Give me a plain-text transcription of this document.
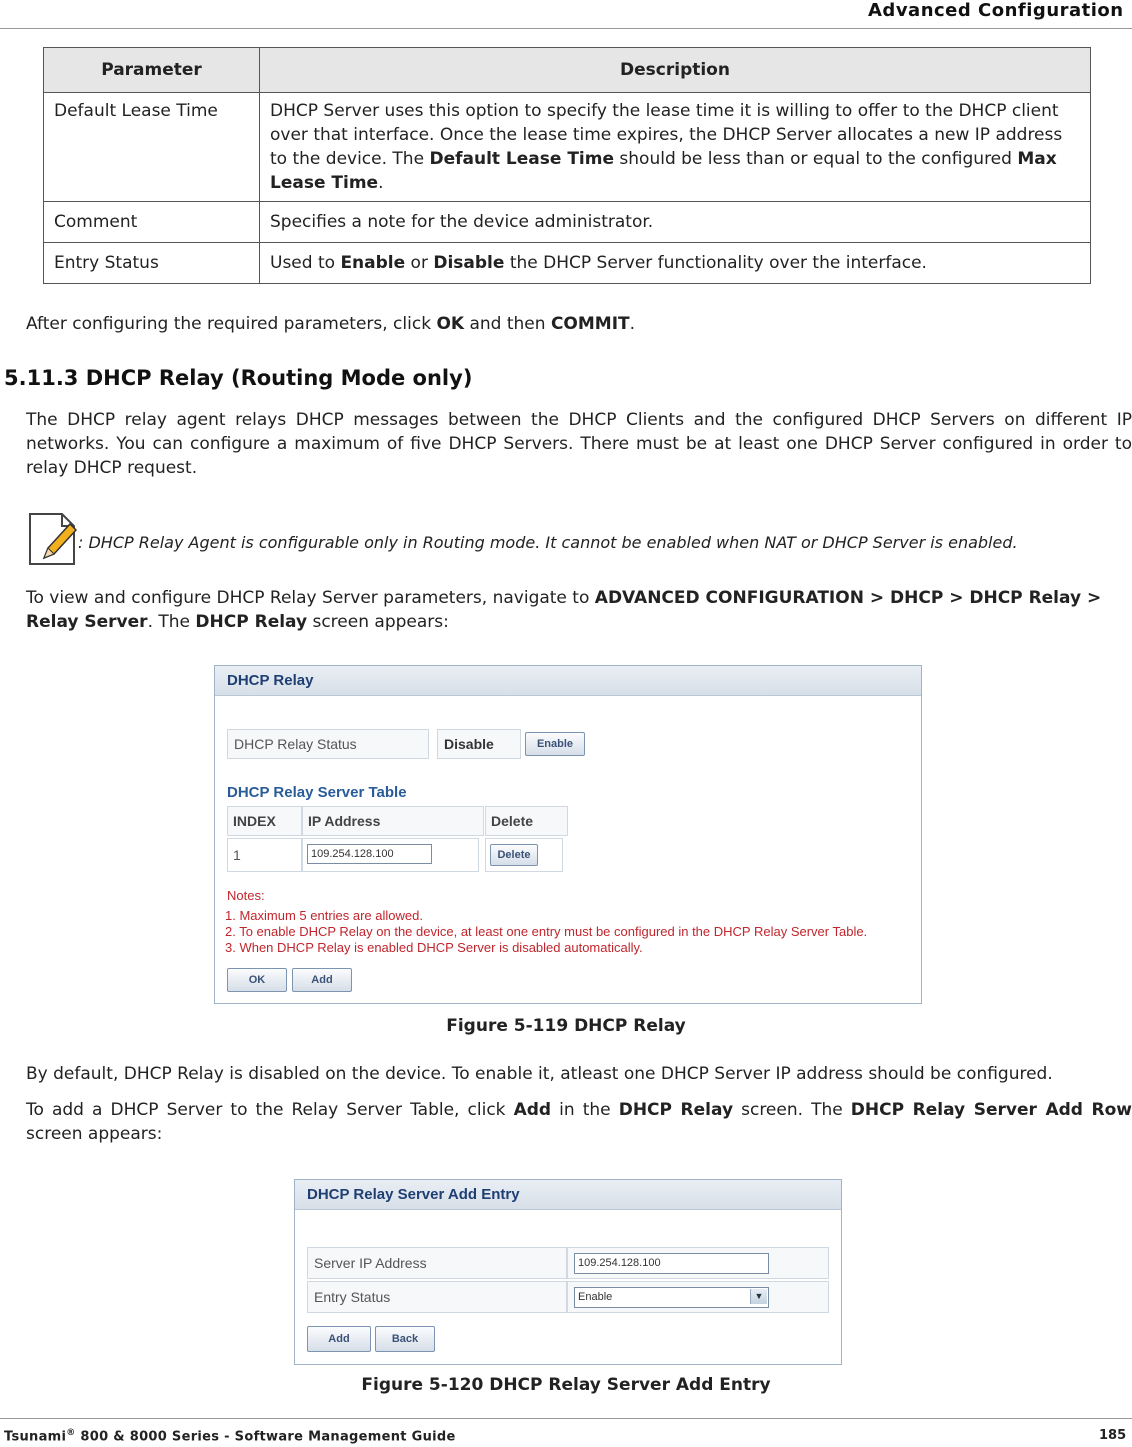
Advanced Configuration
Parameter	Description
Default Lease Time	DHCP Server uses this option to specify the lease time it is willing to offer to the DHCP client over that interface. Once the lease time expires, the DHCP Server allocates a new IP address to the device. The Default Lease Time should be less than or equal to the configured Max Lease Time.
Comment	Specifies a note for the device administrator.
Entry Status	Used to Enable or Disable the DHCP Server functionality over the interface.

After configuring the required parameters, click OK and then COMMIT.

5.11.3 DHCP Relay (Routing Mode only)

The DHCP relay agent relays DHCP messages between the DHCP Clients and the configured DHCP Servers on different IP networks. You can configure a maximum of five DHCP Servers. There must be at least one DHCP Server configured in order to relay DHCP request.

: DHCP Relay Agent is configurable only in Routing mode. It cannot be enabled when NAT or DHCP Server is enabled.

To view and configure DHCP Relay Server parameters, navigate to ADVANCED CONFIGURATION > DHCP > DHCP Relay > Relay Server. The DHCP Relay screen appears:

DHCP Relay
DHCP Relay Status	Disable	Enable
DHCP Relay Server Table
INDEX	IP Address	Delete
1	109.254.128.100	Delete
Notes:
1. Maximum 5 entries are allowed.
2. To enable DHCP Relay on the device, at least one entry must be configured in the DHCP Relay Server Table.
3. When DHCP Relay is enabled DHCP Server is disabled automatically.
OK	Add
Figure 5-119 DHCP Relay

By default, DHCP Relay is disabled on the device. To enable it, atleast one DHCP Server IP address should be configured.

To add a DHCP Server to the Relay Server Table, click Add in the DHCP Relay screen. The DHCP Relay Server Add Row screen appears:

DHCP Relay Server Add Entry
Server IP Address	109.254.128.100
Entry Status	Enable	▼
Add	Back
Figure 5-120 DHCP Relay Server Add Entry
Tsunami® 800 & 8000 Series - Software Management Guide	185
